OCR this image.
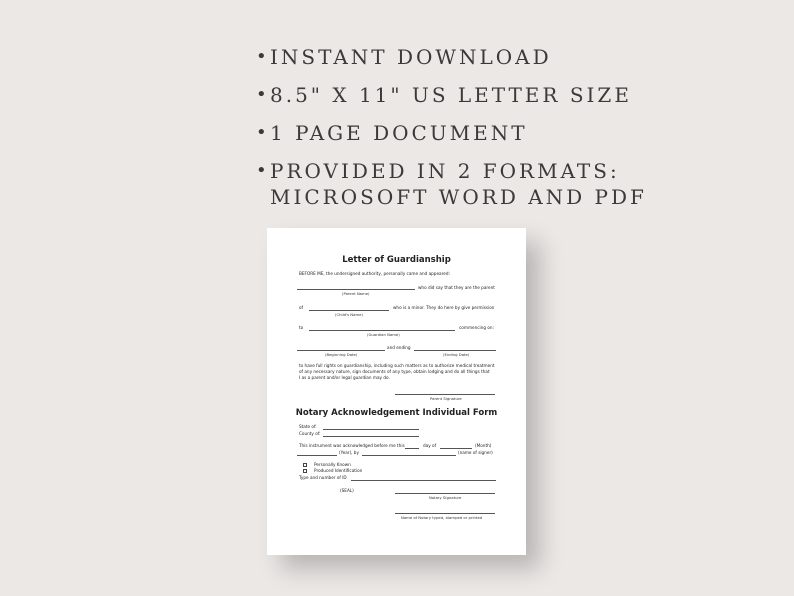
• INSTANT DOWNLOAD
• 8.5" X 11" US LETTER SIZE
• 1 PAGE DOCUMENT
• PROVIDED IN 2 FORMATS:
MICROSOFT WORD AND PDF
Letter of Guardianship
BEFORE ME, the undersigned authority, personally came and appeared:
who did say that they are the parent
(Parent Name)
of	who is a minor. They do here by give permission
(Child's Name)
to	commencing on:
(Guardian Name)
and ending
(Beginning Date)	(Ending Date)
to have full rights on guardianship, including such matters as to authorize medical treatment
of any necessary nature, sign documents of any type, obtain lodging and do all things that
I as a parent and/or legal guardian may do.
Parent Signature
Notary Acknowledgement Individual Form
State of:
County of:
This instrument was acknowledged before me this	day of	(Month)
(Year), by	(name of signer)
Personally Known
Produced Identification
Type and number of ID
(SEAL)
Notary Signature
Name of Notary typed, stamped or printed
